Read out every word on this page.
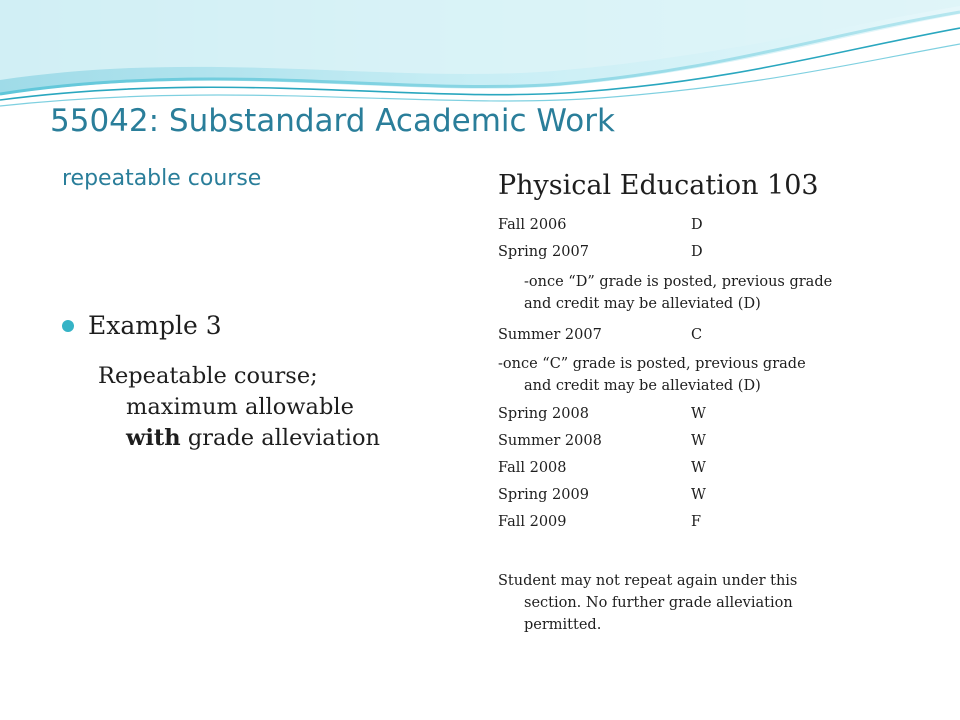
55042: Substandard Academic Work
repeatable course
Example 3
Repeatable course;
maximum allowable
with grade alleviation
Physical Education 103
Fall 2006	D
Spring 2007	D
-once “D” grade is posted, previous grade
and credit may be alleviated (D)
Summer 2007	C
-once “C” grade is posted, previous grade
and credit may be alleviated (D)
Spring 2008	W
Summer 2008	W
Fall 2008	W
Spring 2009	W
Fall 2009	F
Student may not repeat again under this
section. No further grade alleviation
permitted.
